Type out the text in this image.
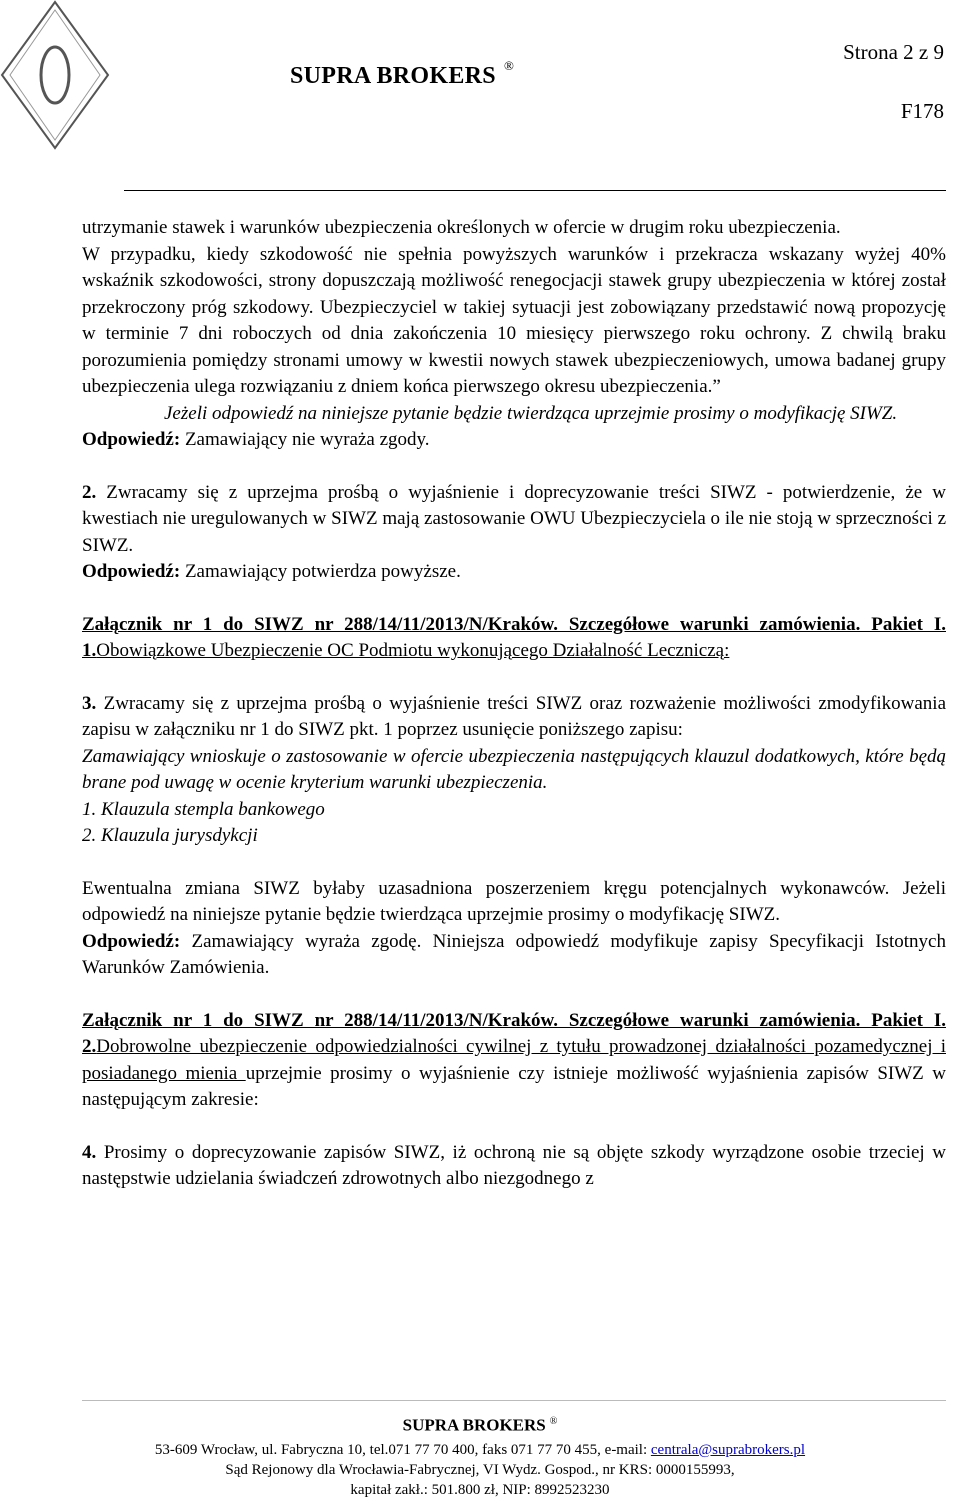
SUPRA BROKERS ®
Strona 2 z 9
F178

utrzymanie stawek i warunków ubezpieczenia określonych w ofercie w drugim roku ubezpieczenia.

W przypadku, kiedy szkodowość nie spełnia powyższych warunków i przekracza wskazany wyżej 40% wskaźnik szkodowości, strony dopuszczają możliwość renegocjacji stawek grupy ubezpieczenia w której został przekroczony próg szkodowy. Ubezpieczyciel w takiej sytuacji jest zobowiązany przedstawić nową propozycję w terminie 7 dni roboczych od dnia zakończenia 10 miesięcy pierwszego roku ochrony. Z chwilą braku porozumienia pomiędzy stronami umowy w kwestii nowych stawek ubezpieczeniowych, umowa badanej grupy ubezpieczenia ulega rozwiązaniu z dniem końca pierwszego okresu ubezpieczenia.”

Jeżeli odpowiedź na niniejsze pytanie będzie twierdząca uprzejmie prosimy o modyfikację SIWZ.

Odpowiedź: Zamawiający nie wyraża zgody.

2. Zwracamy się z uprzejma prośbą o wyjaśnienie i doprecyzowanie treści SIWZ - potwierdzenie, że w kwestiach nie uregulowanych w SIWZ mają zastosowanie OWU Ubezpieczyciela o ile nie stoją w sprzeczności z SIWZ.

Odpowiedź: Zamawiający potwierdza powyższe.

Załącznik nr 1 do SIWZ nr 288/14/11/2013/N/Kraków. Szczegółowe warunki zamówienia. Pakiet I. 1.Obowiązkowe Ubezpieczenie OC Podmiotu wykonującego Działalność Leczniczą:

3. Zwracamy się z uprzejma prośbą o wyjaśnienie treści SIWZ oraz rozważenie możliwości zmodyfikowania zapisu w załączniku nr 1 do SIWZ pkt. 1 poprzez usunięcie poniższego zapisu:

Zamawiający wnioskuje o zastosowanie w ofercie ubezpieczenia następujących klauzul dodatkowych, które będą brane pod uwagę w ocenie kryterium warunki ubezpieczenia.

1. Klauzula stempla bankowego

2. Klauzula jurysdykcji

Ewentualna zmiana SIWZ byłaby uzasadniona poszerzeniem kręgu potencjalnych wykonawców. Jeżeli odpowiedź na niniejsze pytanie będzie twierdząca uprzejmie prosimy o modyfikację SIWZ.

Odpowiedź: Zamawiający wyraża zgodę. Niniejsza odpowiedź modyfikuje zapisy Specyfikacji Istotnych Warunków Zamówienia.

Załącznik nr 1 do SIWZ nr 288/14/11/2013/N/Kraków. Szczegółowe warunki zamówienia. Pakiet I. 2.Dobrowolne ubezpieczenie odpowiedzialności cywilnej z tytułu prowadzonej działalności pozamedycznej i posiadanego mienia uprzejmie prosimy o wyjaśnienie czy istnieje możliwość wyjaśnienia zapisów SIWZ w następującym zakresie:

4. Prosimy o doprecyzowanie zapisów SIWZ, iż ochroną nie są objęte szkody wyrządzone osobie trzeciej w następstwie udzielania świadczeń zdrowotnych albo niezgodnego z

SUPRA BROKERS ®
53-609 Wrocław, ul. Fabryczna 10, tel.071 77 70 400, faks 071 77 70 455, e-mail: centrala@suprabrokers.pl
Sąd Rejonowy dla Wrocławia-Fabrycznej, VI Wydz. Gospod., nr KRS: 0000155993,
kapitał zakł.: 501.800 zł, NIP: 8992523230
